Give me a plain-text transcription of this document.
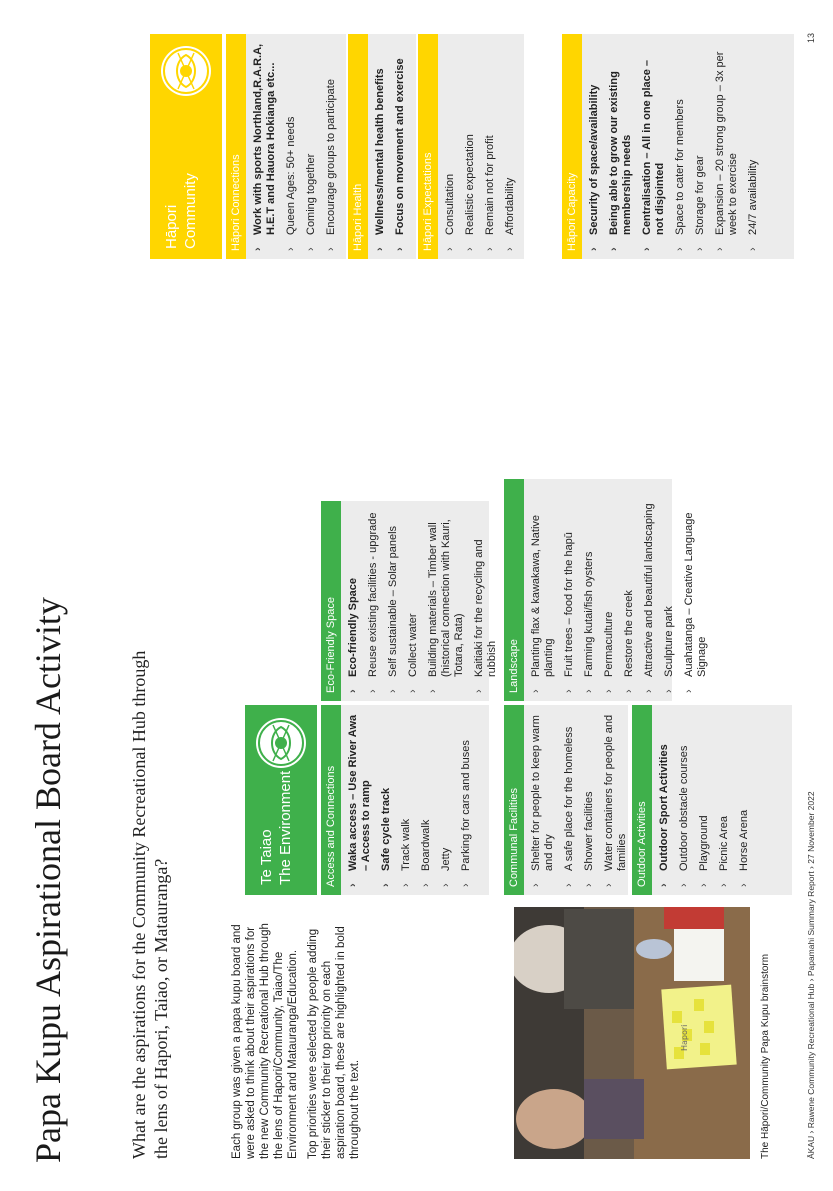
Papa Kupu Aspirational Board Activity	What are the aspirations for the Community Recreational Hub through the lens of Hapori, Taiao, or Matauranga?	Each group was given a papa kupu board and were asked to think about their aspirations for the new Community Recreational Hub through the lens of Hapori/Community, Taiao/The Environment and Matauranga/Education. Top priorities were selected by people adding their sticker to their top priority on each aspiration board, these are highlighted in bold throughout the text.

Hapori	The Hāpori/Community Papa Kupu brainstorm	ĀKAU › Rawene Community Recreational Hub › Papamahi Summary Report › 27 November 2022
13
Te Taiao The Environment
Hāpori Community
Access and Connections ›
Waka access – Use River Awa – Access to ramp
›
Safe cycle track
›
Track walk
›
Boardwalk
›
Jetty
›
Parking for cars and buses
Eco-Friendly Space ›
Eco-friendly Space
›
Reuse existing facilities - upgrade
›
Self sustainable – Solar panels
›
Collect water
›
Building materials – Timber wall (historical connection with Kauri, Totara, Rata)
›
Kaitiaki for the recycling and rubbish
Communal Facilities ›
Shelter for people to keep warm and dry
›
A safe place for the homeless
›
Shower facilities
›
Water containers for people and families
Landscape ›
Planting flax & kawakawa, Native planting
›
Fruit trees – food for the hapū
›
Farming kutai/fish oysters
›
Permaculture
›
Restore the creek
›
Attractive and beautiful landscaping
›
Sculpture park
›
Auahatanga – Creative Language Signage
Outdoor Activities ›
Outdoor Sport Activities
›
Outdoor obstacle courses
›
Playground
›
Picnic Area
›
Horse Arena
Hāpori Connections ›
Work with sports Northland,R.A.R.A, H.E.T and Hauora Hokianga etc...
›
Queen Ages: 50+ needs
›
Coming together
›
Encourage groups to participate	Hāpori Health ›
Wellness/mental health benefits
›
Focus on movement and exercise	Hāpori Expectations ›
Consultation
›
Realistic expectation
›
Remain not for profit
›
Affordability	Hāpori Capacity ›
Security of space/availability
›
Being able to grow our existing membership needs
›
Centralisation – All in one place – not disjointed
›
Space to cater for members
›
Storage for gear
›
Expansion – 20 strong group – 3x per week to exercise
›
24/7 availability
